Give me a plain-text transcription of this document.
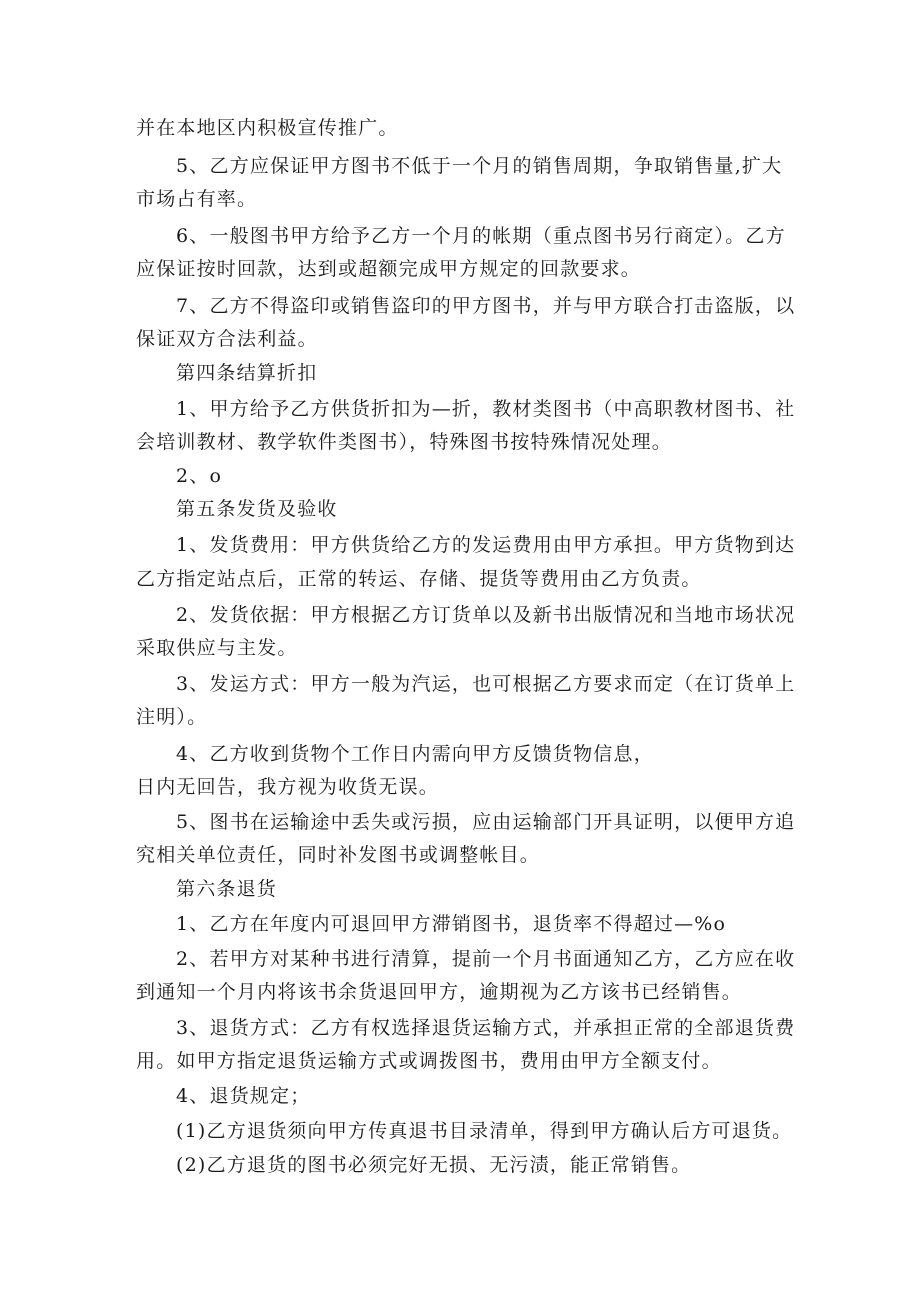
并在本地区内积极宣传推广。
5、乙方应保证甲方图书不低于一个月的销售周期，争取销售量,扩大
市场占有率。
6、一般图书甲方给予乙方一个月的帐期（重点图书另行商定）。乙方
应保证按时回款，达到或超额完成甲方规定的回款要求。
7、乙方不得盗印或销售盗印的甲方图书，并与甲方联合打击盗版，以
保证双方合法利益。
第四条结算折扣
1、甲方给予乙方供货折扣为—折，教材类图书（中高职教材图书、社
会培训教材、教学软件类图书），特殊图书按特殊情况处理。
2、o
第五条发货及验收
1、发货费用：甲方供货给乙方的发运费用由甲方承担。甲方货物到达
乙方指定站点后，正常的转运、存储、提货等费用由乙方负责。
2、发货依据：甲方根据乙方订货单以及新书出版情况和当地市场状况
采取供应与主发。
3、发运方式：甲方一般为汽运，也可根据乙方要求而定（在订货单上
注明）。
4、乙方收到货物个工作日内需向甲方反馈货物信息，
日内无回告，我方视为收货无误。
5、图书在运输途中丢失或污损，应由运输部门开具证明，以便甲方追
究相关单位责任，同时补发图书或调整帐目。
第六条退货
1、乙方在年度内可退回甲方滞销图书，退货率不得超过—%o
2、若甲方对某种书进行清算，提前一个月书面通知乙方，乙方应在收
到通知一个月内将该书余货退回甲方，逾期视为乙方该书已经销售。
3、退货方式：乙方有权选择退货运输方式，并承担正常的全部退货费
用。如甲方指定退货运输方式或调拨图书，费用由甲方全额支付。
4、退货规定；
(1)乙方退货须向甲方传真退书目录清单，得到甲方确认后方可退货。
(2)乙方退货的图书必须完好无损、无污渍，能正常销售。
